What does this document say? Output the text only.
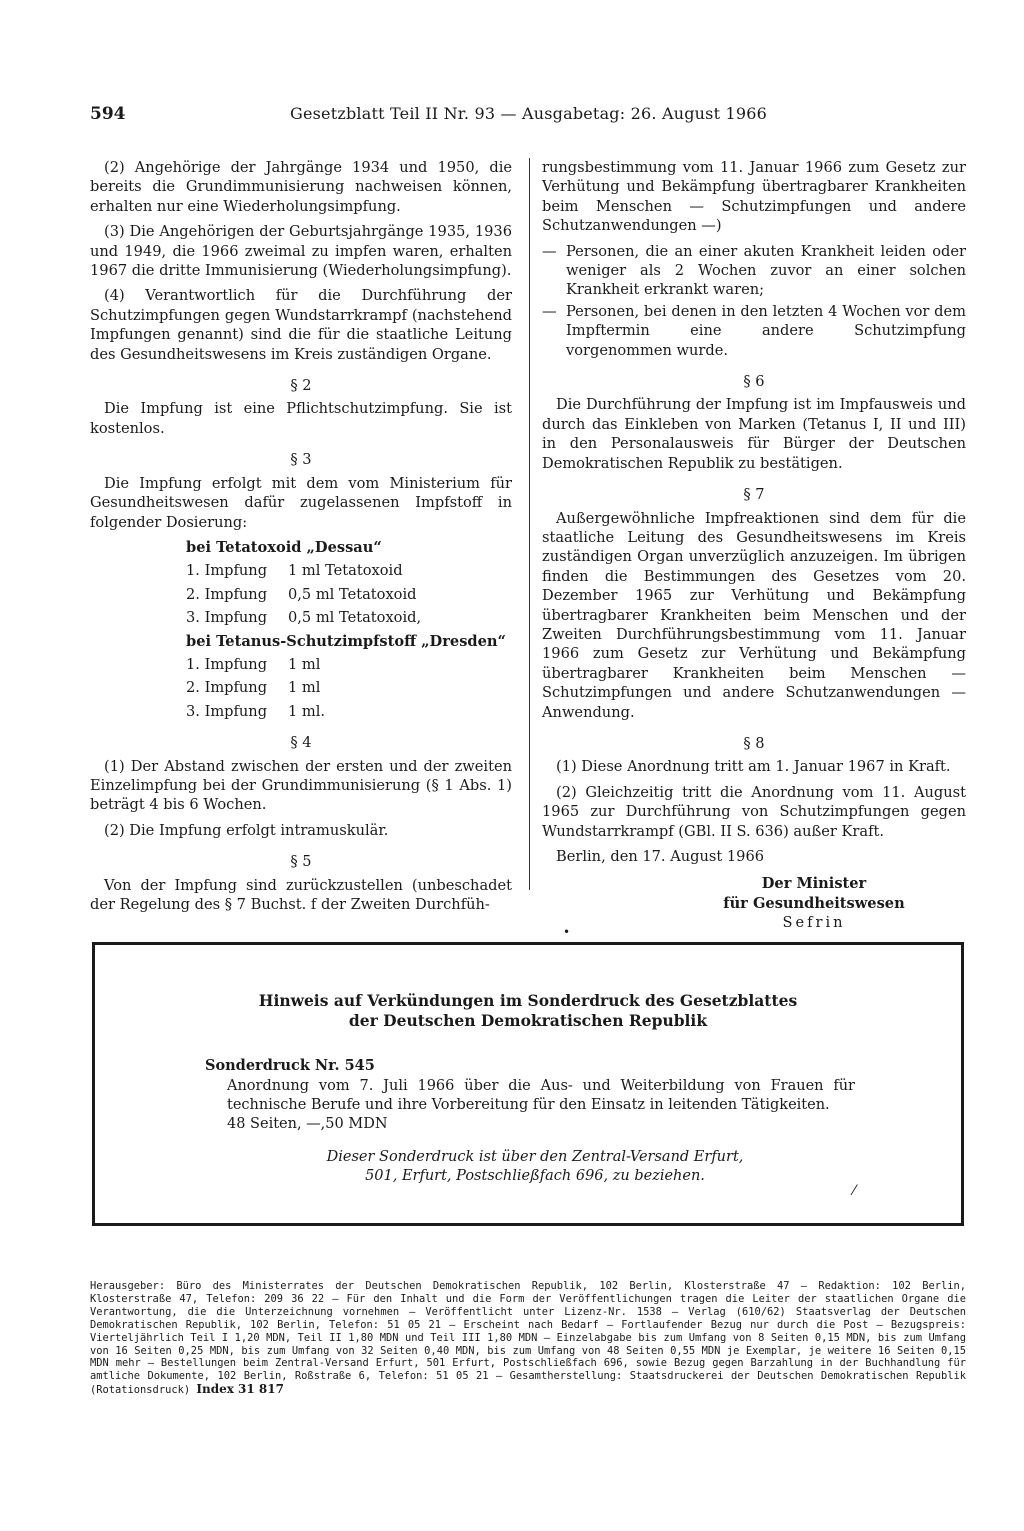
594	Gesetzblatt Teil II Nr. 93 — Ausgabetag: 26. August 1966

(2) Angehörige der Jahrgänge 1934 und 1950, die bereits die Grundimmunisierung nachweisen können, erhalten nur eine Wiederholungsimpfung.

(3) Die Angehörigen der Geburtsjahrgänge 1935, 1936 und 1949, die 1966 zweimal zu impfen waren, erhalten 1967 die dritte Immunisierung (Wiederholungsimpfung).

(4) Verantwortlich für die Durchführung der Schutzimpfungen gegen Wundstarrkrampf (nachstehend Impfungen genannt) sind die für die staatliche Leitung des Gesundheitswesens im Kreis zuständigen Organe.

§ 2

Die Impfung ist eine Pflichtschutzimpfung. Sie ist kostenlos.

§ 3

Die Impfung erfolgt mit dem vom Ministerium für Gesundheitswesen dafür zugelassenen Impfstoff in folgender Dosierung:

bei Tetatoxoid „Dessau“
1. Impfung 1 ml Tetatoxoid
2. Impfung 0,5 ml Tetatoxoid
3. Impfung 0,5 ml Tetatoxoid,
bei Tetanus-Schutzimpfstoff „Dresden“
1. Impfung 1 ml
2. Impfung 1 ml
3. Impfung 1 ml.
§ 4

(1) Der Abstand zwischen der ersten und der zweiten Einzelimpfung bei der Grundimmunisierung (§ 1 Abs. 1) beträgt 4 bis 6 Wochen.

(2) Die Impfung erfolgt intramuskulär.

§ 5

Von der Impfung sind zurückzustellen (unbeschadet der Regelung des § 7 Buchst. f der Zweiten Durchfüh-

rungsbestimmung vom 11. Januar 1966 zum Gesetz zur Verhütung und Bekämpfung übertragbarer Krankheiten beim Menschen — Schutzimpfungen und andere Schutzanwendungen —)

— Personen, die an einer akuten Krankheit leiden oder weniger als 2 Wochen zuvor an einer solchen Krankheit erkrankt waren;
— Personen, bei denen in den letzten 4 Wochen vor dem Impftermin eine andere Schutzimpfung vorgenommen wurde.
§ 6

Die Durchführung der Impfung ist im Impfausweis und durch das Einkleben von Marken (Tetanus I, II und III) in den Personalausweis für Bürger der Deutschen Demokratischen Republik zu bestätigen.

§ 7

Außergewöhnliche Impfreaktionen sind dem für die staatliche Leitung des Gesundheitswesens im Kreis zuständigen Organ unverzüglich anzuzeigen. Im übrigen finden die Bestimmungen des Gesetzes vom 20. Dezember 1965 zur Verhütung und Bekämpfung übertragbarer Krankheiten beim Menschen und der Zweiten Durchführungsbestimmung vom 11. Januar 1966 zum Gesetz zur Verhütung und Bekämpfung übertragbarer Krankheiten beim Menschen — Schutzimpfungen und andere Schutzanwendungen — Anwendung.

§ 8

(1) Diese Anordnung tritt am 1. Januar 1967 in Kraft.

(2) Gleichzeitig tritt die Anordnung vom 11. August 1965 zur Durchführung von Schutzimpfungen gegen Wundstarrkrampf (GBl. II S. 636) außer Kraft.

Berlin, den 17. August 1966

Der Minister
für Gesundheitswesen
Sefrin
•
Hinweis auf Verkündungen im Sonderdruck des Gesetzblattes
der Deutschen Demokratischen Republik
Sonderdruck Nr. 545
Anordnung vom 7. Juli 1966 über die Aus- und Weiterbildung von Frauen für technische Berufe und ihre Vorbereitung für den Einsatz in leitenden Tätigkeiten.
48 Seiten, —,50 MDN
Dieser Sonderdruck ist über den Zentral-Versand Erfurt,
501, Erfurt, Postschließfach 696, zu beziehen.
⁄
Herausgeber: Büro des Ministerrates der Deutschen Demokratischen Republik, 102 Berlin, Klosterstraße 47 — Redaktion: 102 Berlin, Klosterstraße 47, Telefon: 209 36 22 — Für den Inhalt und die Form der Veröffentlichungen tragen die Leiter der staatlichen Organe die Verantwortung, die die Unterzeichnung vornehmen — Veröffentlicht unter Lizenz-Nr. 1538 — Verlag (610/62) Staatsverlag der Deutschen Demokratischen Republik, 102 Berlin, Telefon: 51 05 21 — Erscheint nach Bedarf — Fortlaufender Bezug nur durch die Post — Bezugspreis: Vierteljährlich Teil I 1,20 MDN, Teil II 1,80 MDN und Teil III 1,80 MDN — Einzelabgabe bis zum Umfang von 8 Seiten 0,15 MDN, bis zum Umfang von 16 Seiten 0,25 MDN, bis zum Umfang von 32 Seiten 0,40 MDN, bis zum Umfang von 48 Seiten 0,55 MDN je Exemplar, je weitere 16 Seiten 0,15 MDN mehr — Bestellungen beim Zentral-Versand Erfurt, 501 Erfurt, Postschließfach 696, sowie Bezug gegen Barzahlung in der Buchhandlung für amtliche Dokumente, 102 Berlin, Roßstraße 6, Telefon: 51 05 21 — Gesamtherstellung: Staatsdruckerei der Deutschen Demokratischen Republik (Rotationsdruck) Index 31 817
